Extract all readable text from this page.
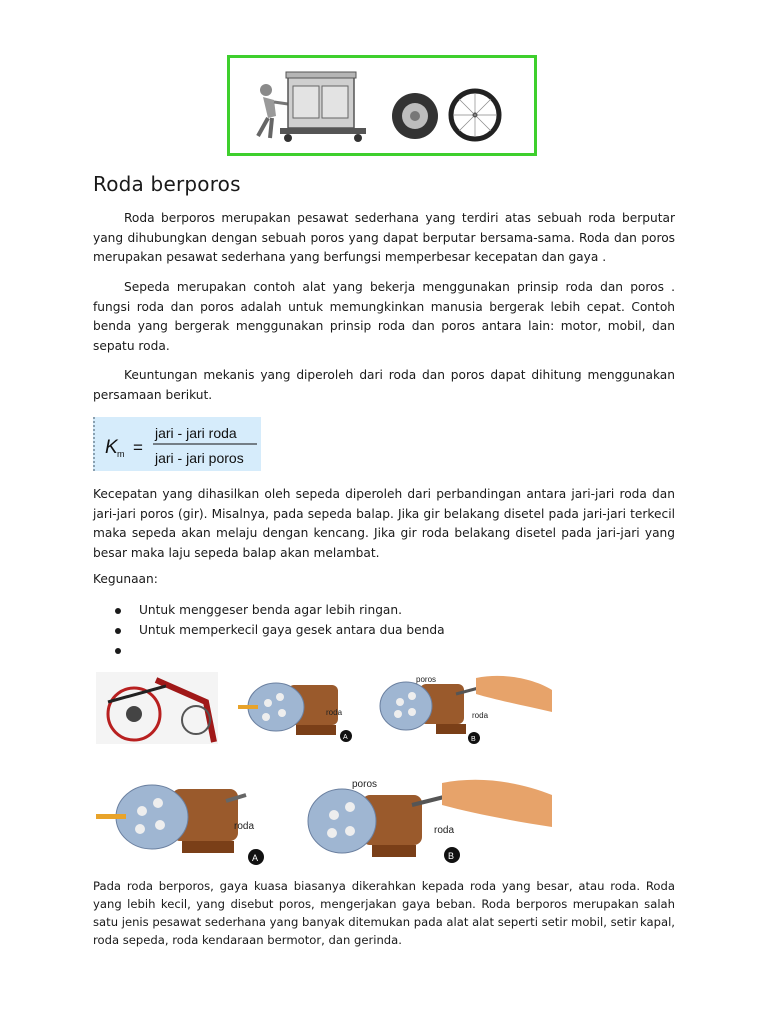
Roda berporos

Roda berporos merupakan pesawat sederhana yang terdiri atas sebuah roda berputar yang dihubungkan dengan sebuah poros yang dapat berputar bersama-sama. Roda dan poros merupakan pesawat sederhana yang berfungsi memperbesar kecepatan dan gaya .

Sepeda merupakan contoh alat yang bekerja menggunakan prinsip roda dan poros . fungsi roda dan poros adalah untuk memungkinkan manusia bergerak lebih cepat. Contoh benda yang bergerak menggunakan prinsip roda dan poros antara lain: motor, mobil, dan sepatu roda.

Keuntungan mekanis yang diperoleh dari roda dan poros dapat dihitung menggunakan persamaan berikut.

K m =
jari - jari roda
jari - jari poros

Kecepatan yang dihasilkan oleh sepeda diperoleh dari perbandingan antara jari-jari roda dan jari-jari poros (gir). Misalnya, pada sepeda balap. Jika gir belakang disetel pada jari-jari terkecil maka sepeda akan melaju dengan kencang. Jika gir roda belakang disetel pada jari-jari yang besar maka laju sepeda balap akan melambat.

Kegunaan:
Untuk menggeser benda agar lebih ringan.
Untuk memperkecil gaya gesek antara dua benda
roda
A
poros
roda
B
roda
A
poros
roda
B

Pada roda berporos, gaya kuasa biasanya dikerahkan kepada roda yang besar, atau roda. Roda yang lebih kecil, yang disebut poros, mengerjakan gaya beban. Roda berporos merupakan salah satu jenis pesawat sederhana yang banyak ditemukan pada alat alat seperti setir mobil, setir kapal, roda sepeda, roda kendaraan bermotor, dan gerinda.
